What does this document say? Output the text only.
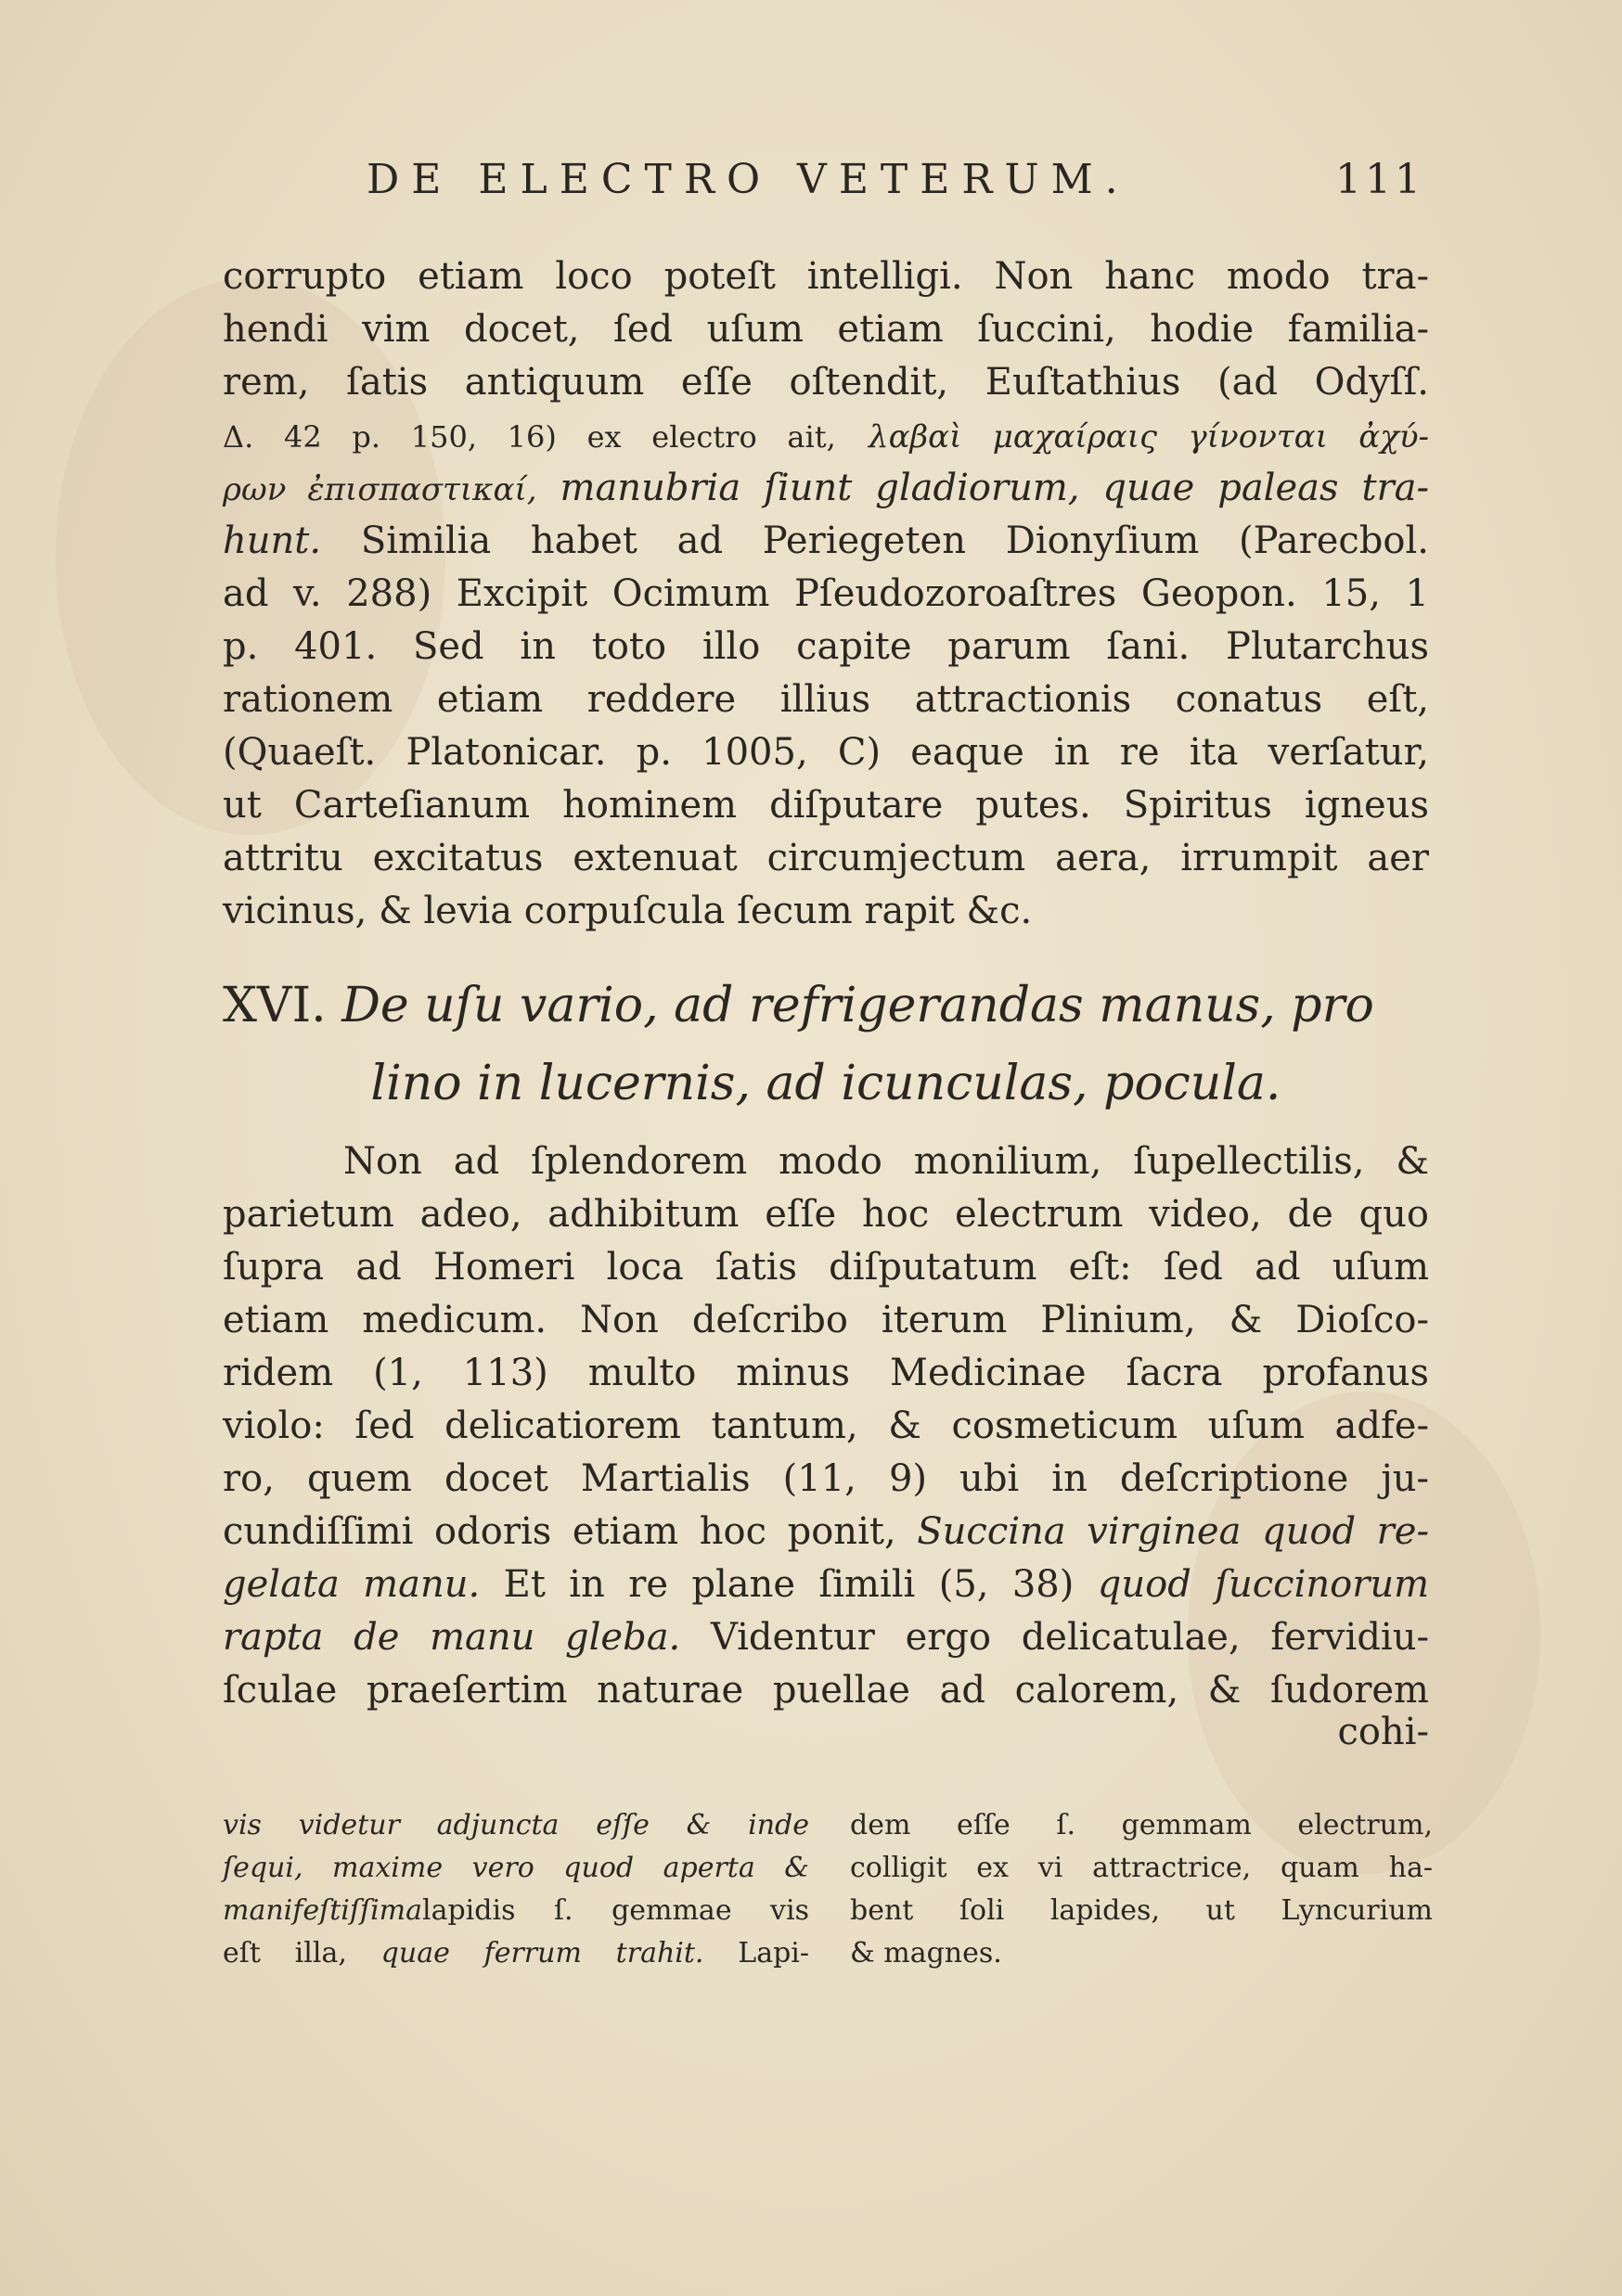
DE ELECTRO VETERUM.	111
corrupto etiam loco poteſt intelligi. Non hanc modo tra-
hendi vim docet, ſed uſum etiam ſuccini, hodie familia-
rem, ſatis antiquum eſſe oſtendit, Euſtathius (ad Odyſſ.
Δ. 42 p. 150, 16) ex electro ait, λαβαὶ μαχαίραις γίνονται ἀχύ-
ρων ἐπισπαστικαί, manubria ſiunt gladiorum, quae paleas tra-
hunt. Similia habet ad Periegeten Dionyſium (Parecbol.
ad v. 288) Excipit Ocimum Pſeudozoroaſtres Geopon. 15, 1
p. 401. Sed in toto illo capite parum ſani. Plutarchus
rationem etiam reddere illius attractionis conatus eſt,
(Quaeſt. Platonicar. p. 1005, C) eaque in re ita verſatur,
ut Carteſianum hominem diſputare putes. Spiritus igneus
attritu excitatus extenuat circumjectum aera, irrumpit aer
vicinus, & levia corpuſcula ſecum rapit &c.
XVI. De uſu vario, ad refrigerandas manus, pro
lino in lucernis, ad icunculas, pocula.
Non ad ſplendorem modo monilium, ſupellectilis, &
parietum adeo, adhibitum eſſe hoc electrum video, de quo
ſupra ad Homeri loca ſatis diſputatum eſt: ſed ad uſum
etiam medicum. Non deſcribo iterum Plinium, & Dioſco-
ridem (1, 113) multo minus Medicinae ſacra profanus
violo: ſed delicatiorem tantum, & cosmeticum uſum adfe-
ro, quem docet Martialis (11, 9) ubi in deſcriptione ju-
cundiſſimi odoris etiam hoc ponit, Succina virginea quod re-
gelata manu. Et in re plane ſimili (5, 38) quod ſuccinorum
rapta de manu gleba. Videntur ergo delicatulae, fervidiu-
ſculae praeſertim naturae puellae ad calorem, & ſudorem
cohi-
vis videtur adjuncta eſſe & inde
ſequi, maxime vero quod aperta &
manifeſtiſſimalapidis ſ. gemmae vis
eſt illa, quae ferrum trahit. Lapi-
dem eſſe ſ. gemmam electrum,
colligit ex vi attractrice, quam ha-
bent ſoli lapides, ut Lyncurium
& magnes.
